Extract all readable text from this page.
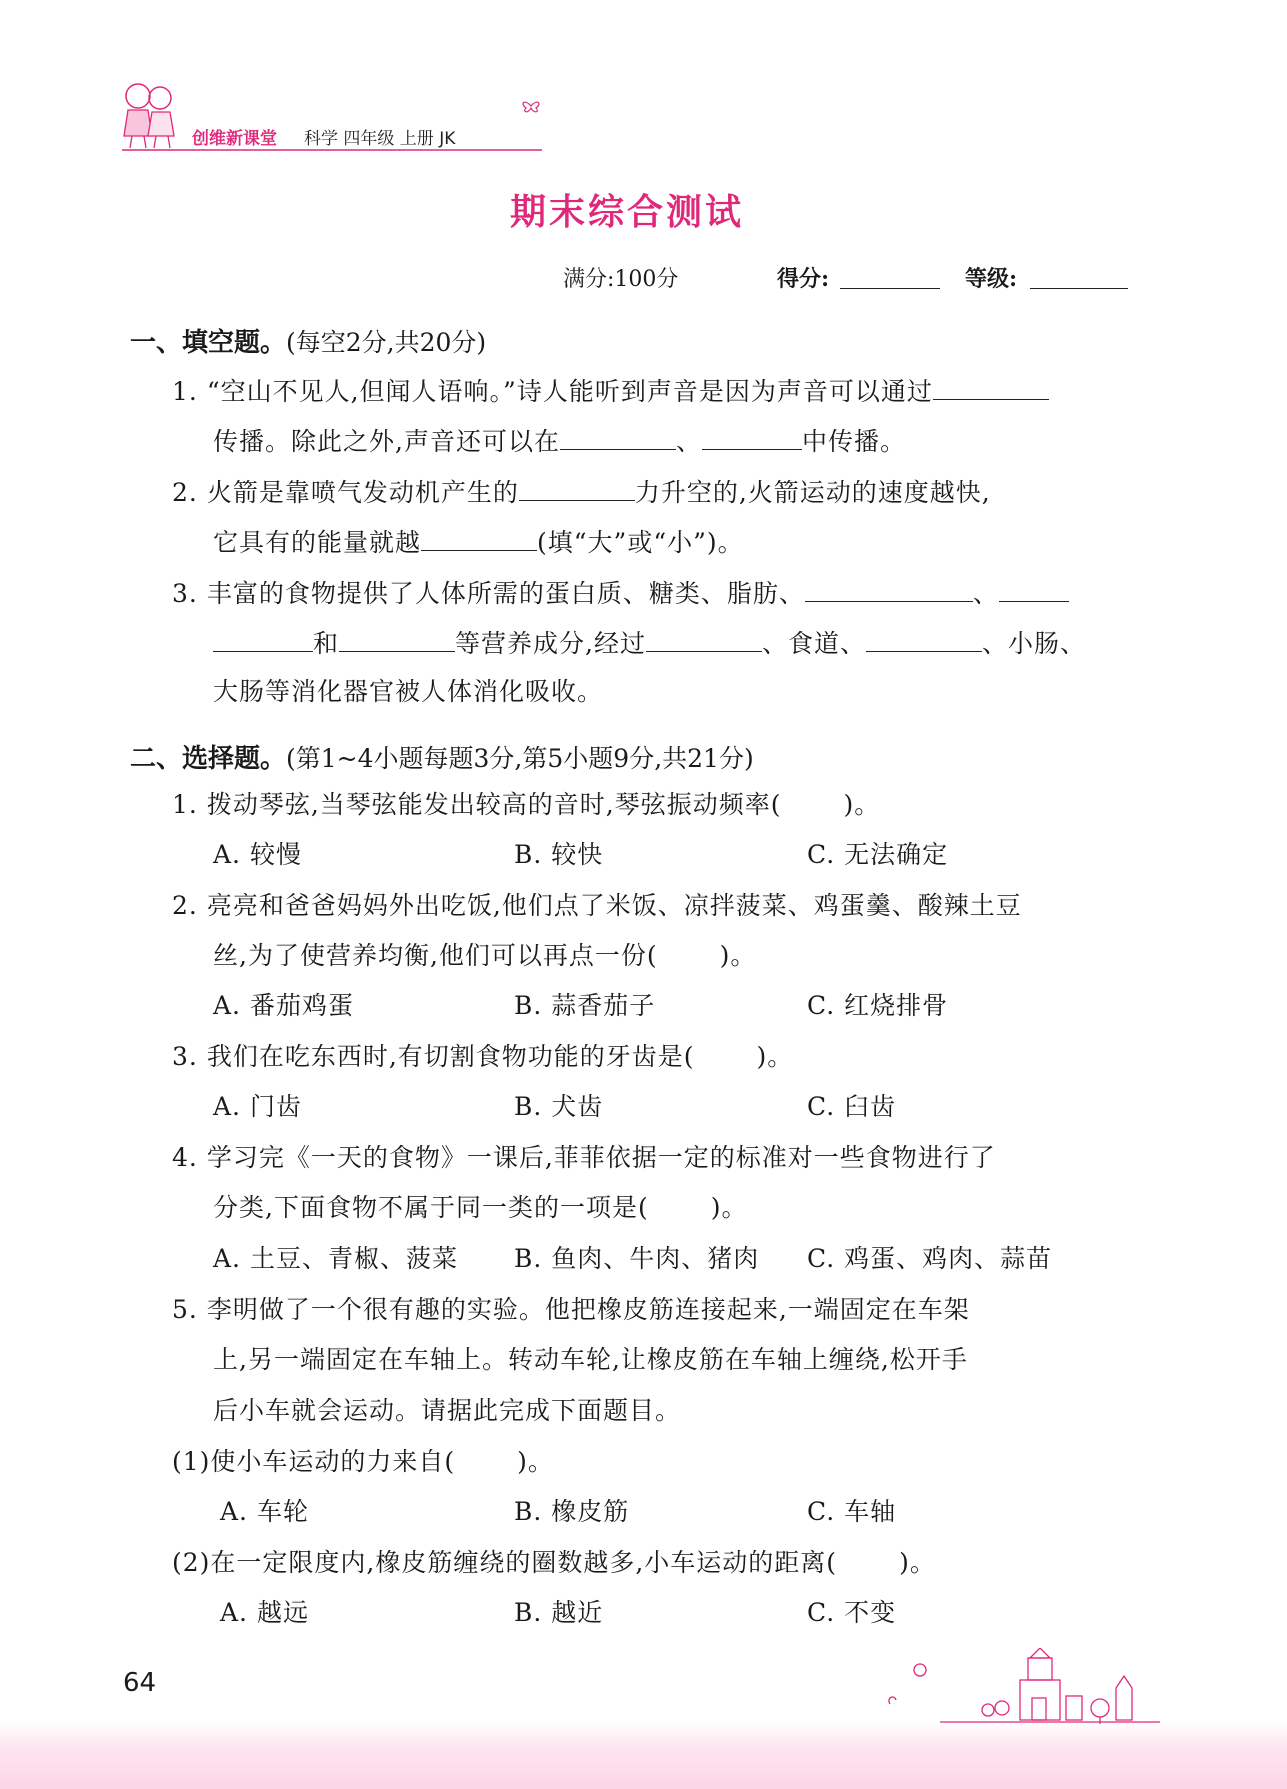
创维新课堂 科学 四年级 上册 JK
期末综合测试
满分:100分	得分:	等级:
一、填空题。(每空2分,共20分)
1. “空山不见人,但闻人语响。”诗人能听到声音是因为声音可以通过
传播。除此之外,声音还可以在	、	中传播。
2. 火箭是靠喷气发动机产生的	力升空的,火箭运动的速度越快,
它具有的能量就越	(填“大”或“小”)。
3. 丰富的食物提供了人体所需的蛋白质、糖类、脂肪、	、
和	等营养成分,经过	、食道、	、小肠、
大肠等消化器官被人体消化吸收。
二、选择题。(第1~4小题每题3分,第5小题9分,共21分)
1. 拨动琴弦,当琴弦能发出较高的音时,琴弦振动频率( )。
A. 较慢	B. 较快	C. 无法确定
2. 亮亮和爸爸妈妈外出吃饭,他们点了米饭、凉拌菠菜、鸡蛋羹、酸辣土豆
丝,为了使营养均衡,他们可以再点一份( )。
A. 番茄鸡蛋	B. 蒜香茄子	C. 红烧排骨
3. 我们在吃东西时,有切割食物功能的牙齿是( )。
A. 门齿	B. 犬齿	C. 臼齿
4. 学习完《一天的食物》一课后,菲菲依据一定的标准对一些食物进行了
分类,下面食物不属于同一类的一项是( )。
A. 土豆、青椒、菠菜 B. 鱼肉、牛肉、猪肉 C. 鸡蛋、鸡肉、蒜苗
5. 李明做了一个很有趣的实验。他把橡皮筋连接起来,一端固定在车架
上,另一端固定在车轴上。转动车轮,让橡皮筋在车轴上缠绕,松开手
后小车就会运动。请据此完成下面题目。
(1)使小车运动的力来自( )。
A. 车轮	B. 橡皮筋	C. 车轴
(2)在一定限度内,橡皮筋缠绕的圈数越多,小车运动的距离( )。
A. 越远	B. 越近	C. 不变
64
